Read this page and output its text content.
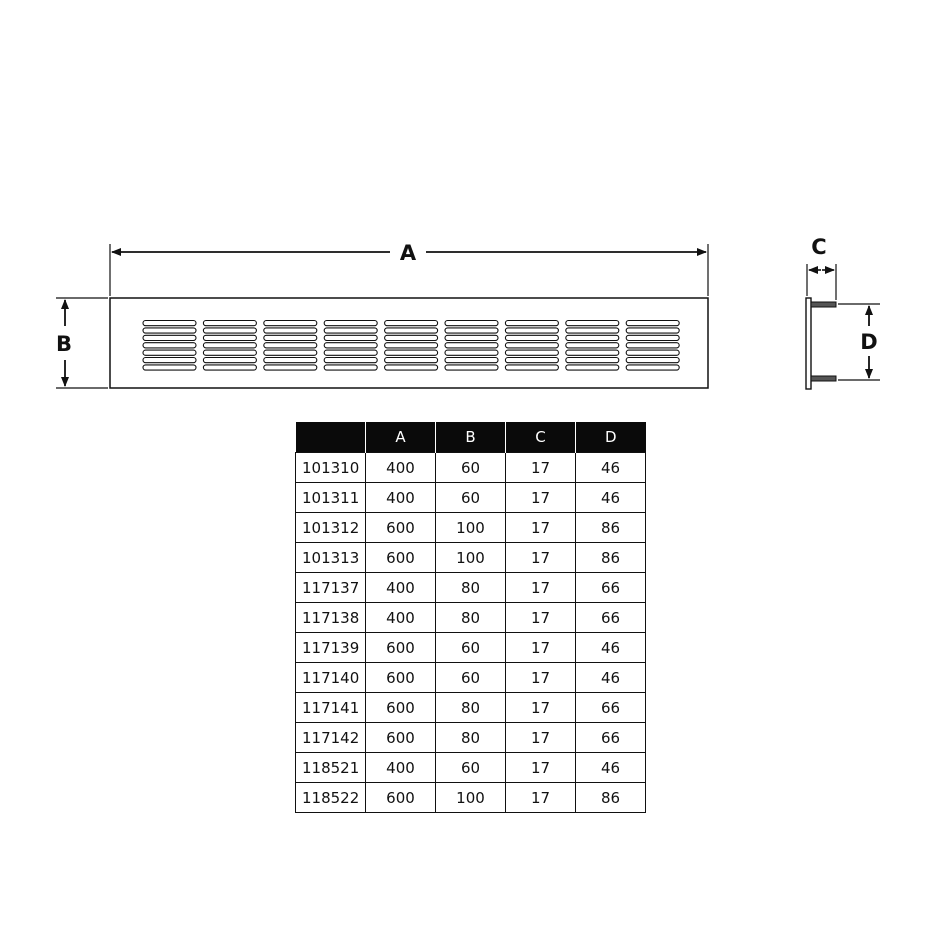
A
B
C
D
	A	B	C	D
101310	400	60	17	46
101311	400	60	17	46
101312	600	100	17	86
101313	600	100	17	86
117137	400	80	17	66
117138	400	80	17	66
117139	600	60	17	46
117140	600	60	17	46
117141	600	80	17	66
117142	600	80	17	66
118521	400	60	17	46
118522	600	100	17	86
